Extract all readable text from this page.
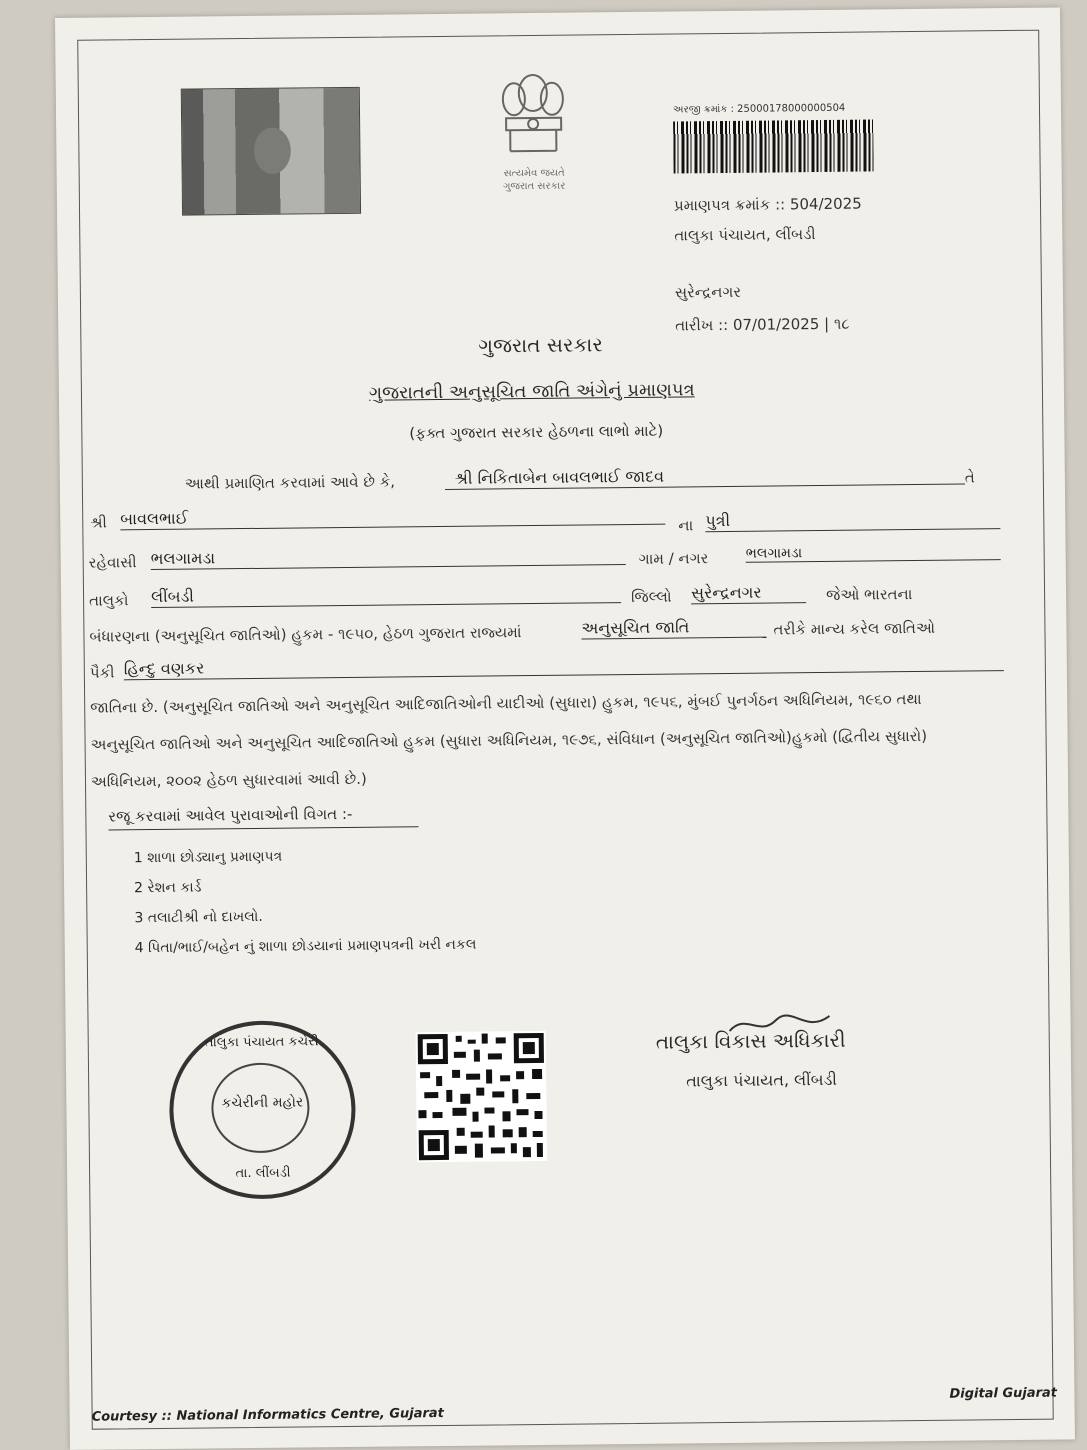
સત્યમેવ જયતે
ગુજરાત સરકાર
અરજી ક્રમાંક : 25000178000000504
પ્રમાણપત્ર ક્રમાંક :: 504/2025
તાલુકા પંચાયત, લીંબડી
સુરેન્દ્રનગર
તારીખ :: 07/01/2025 | ૧૮
ગુજરાત સરકાર
ગુજરાતની અનુસૂચિત જાતિ અંગેનું પ્રમાણપત્ર
(ફક્ત ગુજરાત સરકાર હેઠળના લાભો માટે)
આથી પ્રમાણિત કરવામાં આવે છે કે,	શ્રી નિકિતાબેન બાવલભાઈ જાદવ	તે
શ્રી બાવલભાઈ	ના પુત્રી
રહેવાસી ભલગામડા	ગામ / નગર	ભલગામડા
તાલુકો લીંબડી	જિલ્લો સુરેન્દ્રનગર	જેઓ ભારતના
બંધારણના (અનુસૂચિત જાતિઓ) હુકમ - ૧૯૫૦, હેઠળ ગુજરાત રાજ્યમાં	અનુસૂચિત જાતિ	તરીકે માન્ય કરેલ જાતિઓ
પૈકી હિન્દુ વણકર
જાતિના છે. (અનુસૂચિત જાતિઓ અને અનુસૂચિત આદિજાતિઓની યાદીઓ (સુધારા) હુકમ, ૧૯૫૬, મુંબઈ પુનર્ગઠન અધિનિયમ, ૧૯૬૦ તથા
અનુસૂચિત જાતિઓ અને અનુસૂચિત આદિજાતિઓ હુકમ (સુધારા અધિનિયમ, ૧૯૭૬, સંવિધાન (અનુસૂચિત જાતિઓ)હુકમો (દ્વિતીય સુધારો)
અધિનિયમ, ૨૦૦૨ હેઠળ સુધારવામાં આવી છે.)
રજૂ કરવામાં આવેલ પુરાવાઓની વિગત :-
1 શાળા છોડ્યાનુ પ્રમાણપત્ર
2 રેશન કાર્ડ
3 તલાટીશ્રી નો દાખલો.
4 પિતા/ભાઈ/બહેન નું શાળા છોડયાનાં પ્રમાણપત્રની ખરી નકલ
તાલુકા પંચાયત કચેરી
કચેરીની મહોર
તા. લીંબડી
તાલુકા વિકાસ અધિકારી
તાલુકા પંચાયત, લીંબડી
Courtesy :: National Informatics Centre, Gujarat
Digital Gujarat
